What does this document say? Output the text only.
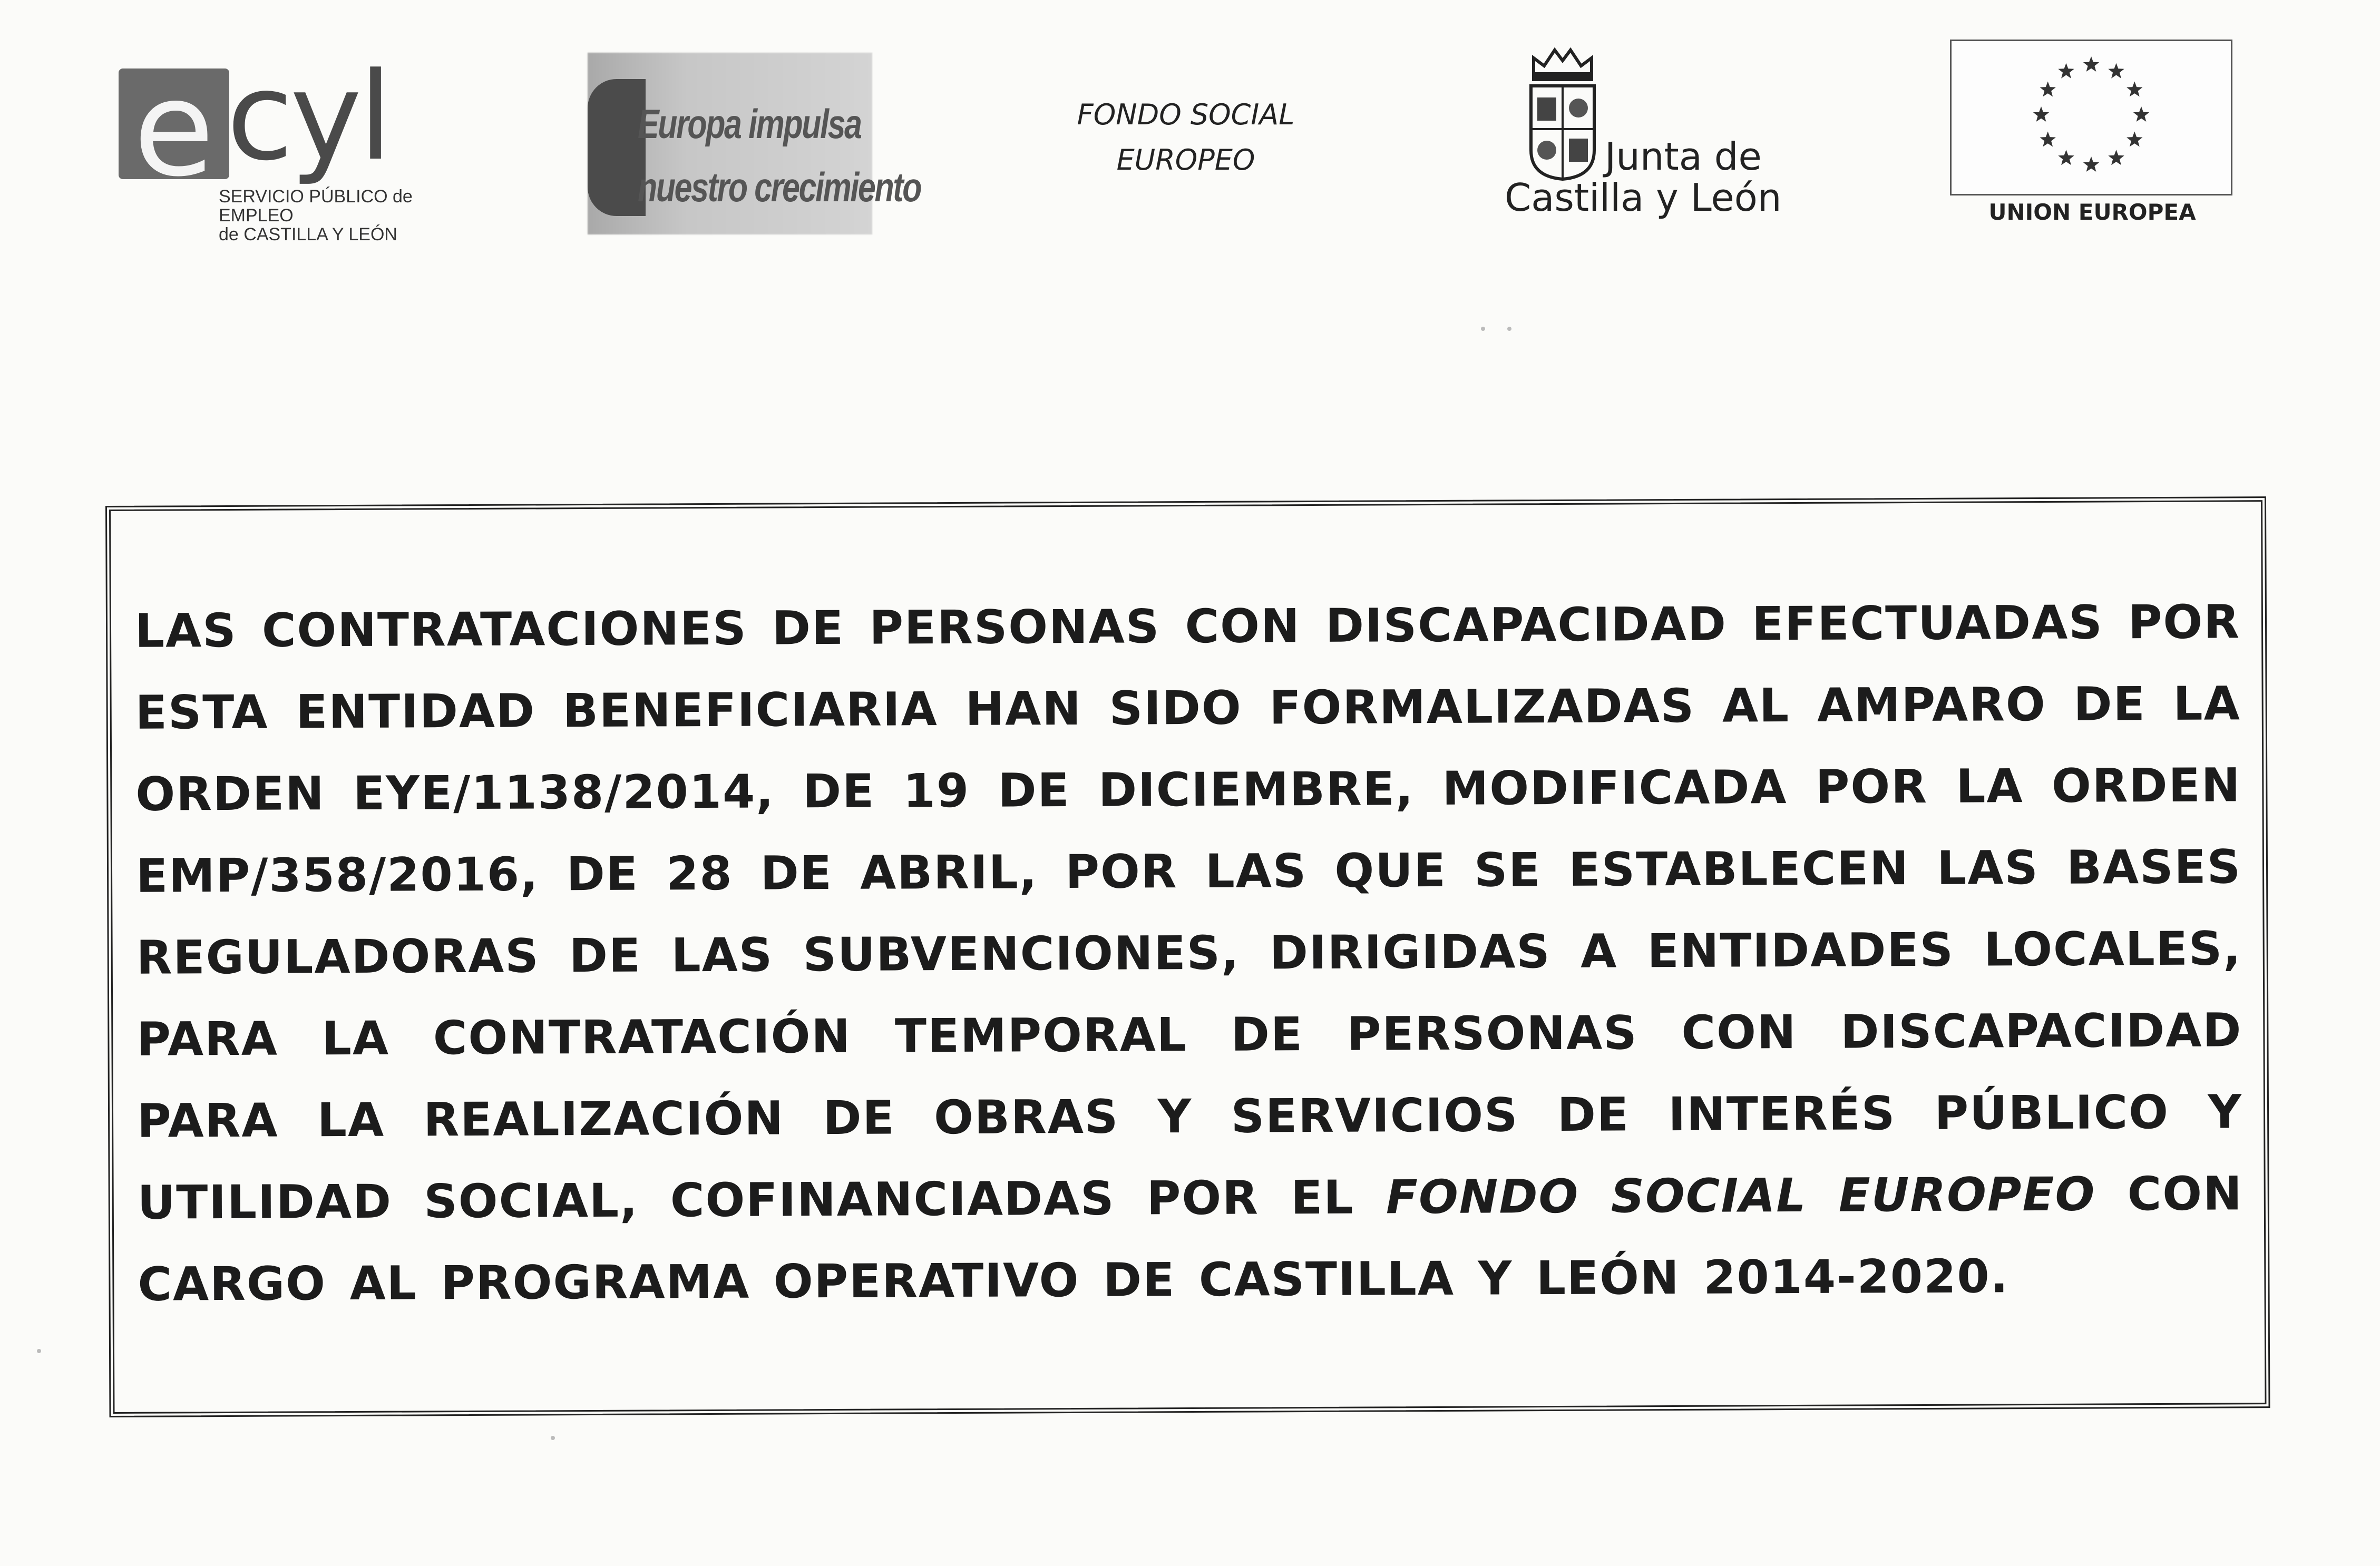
e cyl
SERVICIO PÚBLICO de EMPLEO
de CASTILLA Y LEÓN
Europa impulsa
nuestro crecimiento
FONDO SOCIAL
EUROPEO	Junta de
Castilla y León	UNION EUROPEA
LAS CONTRATACIONES DE PERSONAS CON DISCAPACIDAD EFECTUADAS POR ESTA ENTIDAD BENEFICIARIA HAN SIDO FORMALIZADAS AL AMPARO DE LA ORDEN EYE/1138/2014, DE 19 DE DICIEMBRE, MODIFICADA POR LA ORDEN EMP/358/2016, DE 28 DE ABRIL, POR LAS QUE SE ESTABLECEN LAS BASES REGULADORAS DE LAS SUBVENCIONES, DIRIGIDAS A ENTIDADES LOCALES, PARA LA CONTRATACIÓN TEMPORAL DE PERSONAS CON DISCAPACIDAD PARA LA REALIZACIÓN DE OBRAS Y SERVICIOS DE INTERÉS PÚBLICO Y UTILIDAD SOCIAL, COFINANCIADAS POR EL FONDO SOCIAL EUROPEO CON CARGO AL PROGRAMA OPERATIVO DE CASTILLA Y LEÓN 2014-2020.
